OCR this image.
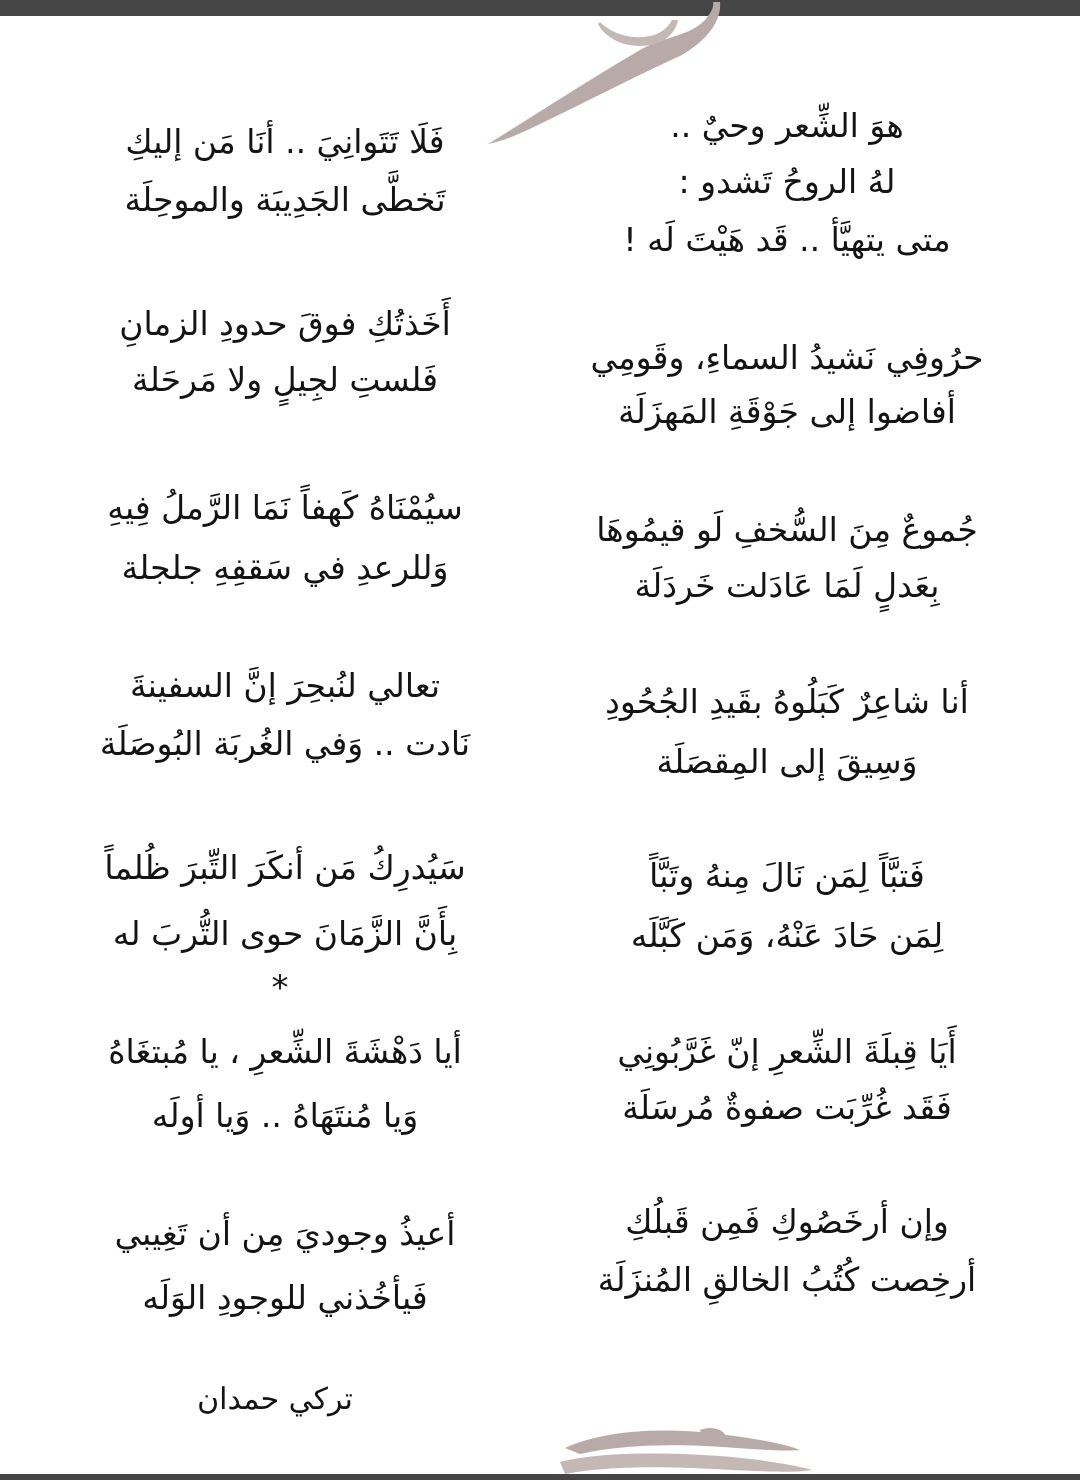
هوَ الشِّعر وحيٌ ..
لهُ الروحُ تَشدو :
متى يتهيَّأ .. قَد هَيْتَ لَه !
حرُوفِي نَشيدُ السماءِ، وقَومِي
أفاضوا إلى جَوْقَةِ المَهزَلَة
جُموعٌ مِنَ السُّخفِ لَو قيمُوهَا
بِعَدلٍ لَمَا عَادَلت خَردَلَة
أنا شاعِرٌ كَبَلُوهُ بقَيدِ الجُحُودِ
وَسِيقَ إلى المِقصَلَة
فَتبَّاً لِمَن نَالَ مِنهُ وتَبَّاً
لِمَن حَادَ عَنْهُ، وَمَن كَبَّلَه
أَيَا قِبلَةَ الشِّعرِ إنّ غَرَّبُونِي
فَقَد غُرِّبَت صفوةٌ مُرسَلَة
وإن أرخَصُوكِ فَمِن قَبلُكِ
أرخِصت كُتُبُ الخالقِ المُنزَلَة
فَلَا تَتَوانِيَ .. أنَا مَن إليكِ
تَخطَّى الجَدِيبَة والموحِلَة
أَخَذتُكِ فوقَ حدودِ الزمانِ
فَلستِ لجِيلٍ ولا مَرحَلة
سيُمْنَاهُ كَهفاً نَمَا الرَّملُ فِيهِ
وَللرعدِ في سَقفِهِ جلجلة
تعالي لنُبحِرَ إنَّ السفينةَ
نَادت .. وَفي الغُربَة البُوصَلَة
سَيُدرِكُ مَن أنكَرَ التِّبرَ ظُلماً
بِأَنَّ الزَّمَانَ حوى التُّربَ له
أيا دَهْشَةَ الشِّعرِ ، يا مُبتغَاهُ
وَيا مُنتَهَاهُ .. وَيا أولَه
أعيذُ وجوديَ مِن أن تَغِيبي
فَيأخُذني للوجودِ الوَلَه
*
تركي حمدان
